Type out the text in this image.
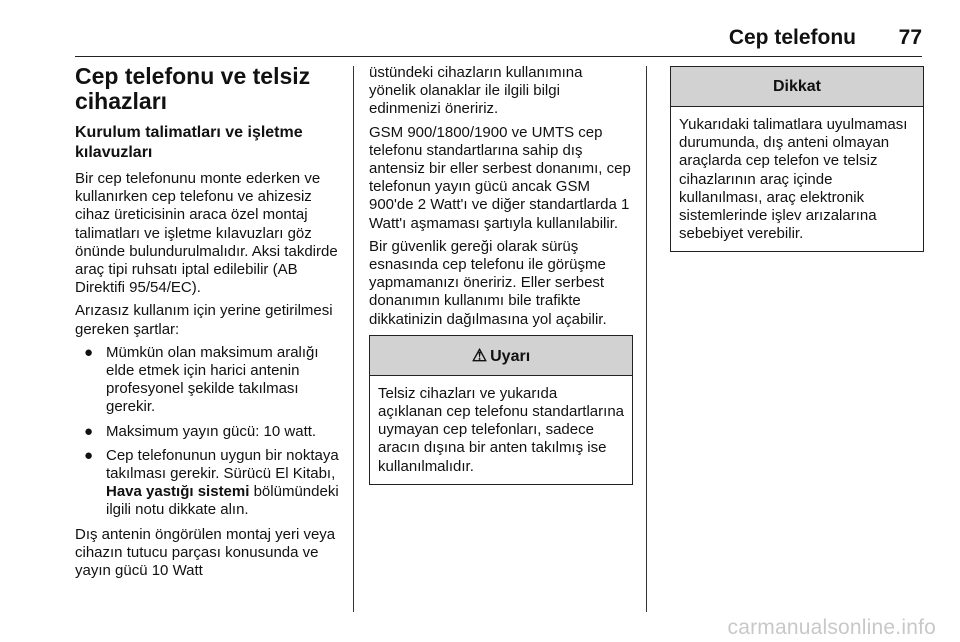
Cep telefonu 77
Cep telefonu ve telsiz cihazları
Kurulum talimatları ve işletme kılavuzları

Bir cep telefonunu monte ederken ve kullanırken cep telefonu ve ahizesiz cihaz üreticisinin araca özel montaj talimatları ve işletme kılavuzları göz önünde bulundurulmalıdır. Aksi takdirde araç tipi ruhsatı iptal edilebilir (AB Direktifi 95/54/EC).

Arızasız kullanım için yerine getirilmesi gereken şartlar:

● Mümkün olan maksimum aralığı elde etmek için harici antenin profesyonel şekilde takılması gerekir.
● Maksimum yayın gücü: 10 watt.
● Cep telefonunun uygun bir noktaya takılması gerekir. Sürücü El Kitabı, Hava yastığı sistemi bölümündeki ilgili notu dikkate alın.

Dış antenin öngörülen montaj yeri veya cihazın tutucu parçası konusunda ve yayın gücü 10 Watt

üstündeki cihazların kullanımına yönelik olanaklar ile ilgili bilgi edinmenizi öneririz.

GSM 900/1800/1900 ve UMTS cep telefonu standartlarına sahip dış antensiz bir eller serbest donanımı, cep telefonun yayın gücü ancak GSM 900'de 2 Watt'ı ve diğer standartlarda 1 Watt'ı aşmaması şartıyla kullanılabilir.

Bir güvenlik gereği olarak sürüş esnasında cep telefonu ile görüşme yapmamanızı öneririz. Eller serbest donanımın kullanımı bile trafikte dikkatinizin dağılmasına yol açabilir.

⚠ Uyarı
Telsiz cihazları ve yukarıda açıklanan cep telefonu standartlarına uymayan cep telefonları, sadece aracın dışına bir anten takılmış ise kullanılmalıdır.
Dikkat
Yukarıdaki talimatlara uyulmaması durumunda, dış anteni olmayan araçlarda cep telefon ve telsiz cihazlarının araç içinde kullanılması, araç elektronik sistemlerinde işlev arızalarına sebebiyet verebilir.
carmanualsonline.info
